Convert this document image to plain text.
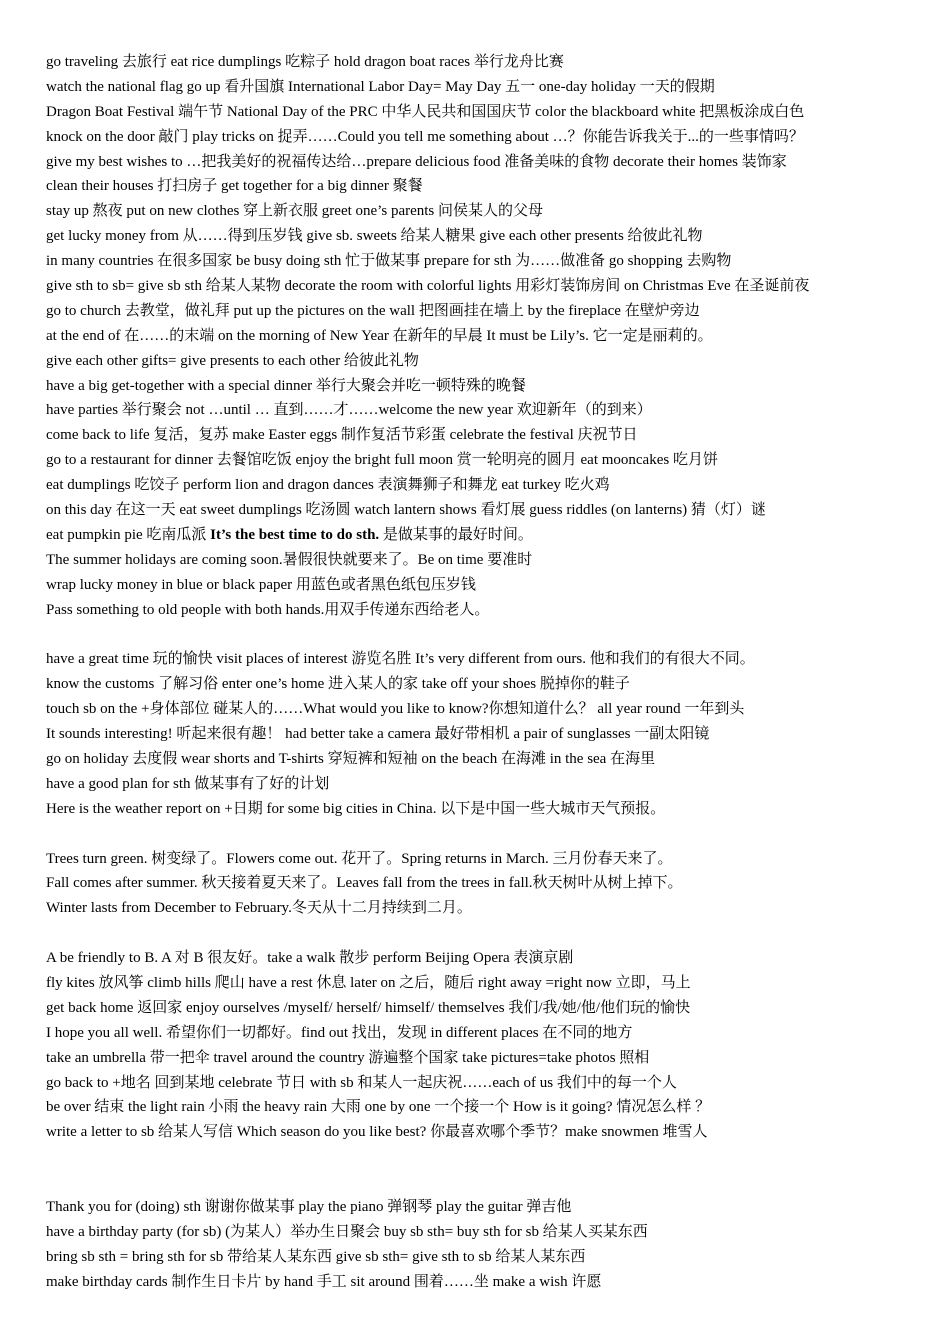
go traveling 去旅行 eat rice dumplings 吃粽子 hold dragon boat races 举行龙舟比赛
watch the national flag go up 看升国旗 International Labor Day= May Day 五一 one-day holiday 一天的假期
Dragon Boat Festival 端午节 National Day of the PRC 中华人民共和国国庆节 color the blackboard white 把黑板涂成白色
knock on the door 敲门 play tricks on 捉弄……Could you tell me something about …？你能告诉我关于...的一些事情吗？
give my best wishes to …把我美好的祝福传达给…prepare delicious food 准备美味的食物 decorate their homes 装饰家
clean their houses 打扫房子 get together for a big dinner 聚餐
stay up 熬夜 put on new clothes 穿上新衣服 greet one’s parents 问侯某人的父母
get lucky money from 从……得到压岁钱 give sb. sweets 给某人糖果 give each other presents 给彼此礼物
in many countries 在很多国家 be busy doing sth 忙于做某事 prepare for sth 为……做准备 go shopping 去购物
give sth to sb= give sb sth 给某人某物 decorate the room with colorful lights 用彩灯装饰房间 on Christmas Eve 在圣诞前夜
go to church 去教堂，做礼拜 put up the pictures on the wall 把图画挂在墙上 by the fireplace 在壁炉旁边
at the end of 在……的末端 on the morning of New Year 在新年的早晨 It must be Lily’s. 它一定是丽莉的。
give each other gifts= give presents to each other 给彼此礼物
have a big get-together with a special dinner 举行大聚会并吃一顿特殊的晚餐
have parties 举行聚会 not …until … 直到……才……welcome the new year 欢迎新年（的到来）
come back to life 复活，复苏 make Easter eggs 制作复活节彩蛋 celebrate the festival 庆祝节日
go to a restaurant for dinner 去餐馆吃饭 enjoy the bright full moon 赏一轮明亮的圆月 eat mooncakes 吃月饼
eat dumplings 吃饺子 perform lion and dragon dances 表演舞狮子和舞龙 eat turkey 吃火鸡
on this day 在这一天 eat sweet dumplings 吃汤圆 watch lantern shows 看灯展 guess riddles (on lanterns) 猜（灯）谜
eat pumpkin pie 吃南瓜派 It’s the best time to do sth. 是做某事的最好时间。
The summer holidays are coming soon.暑假很快就要来了。Be on time 要准时
wrap lucky money in blue or black paper 用蓝色或者黑色纸包压岁钱
Pass something to old people with both hands.用双手传递东西给老人。
have a great time 玩的愉快 visit places of interest 游览名胜 It’s very different from ours. 他和我们的有很大不同。
know the customs 了解习俗 enter one’s home 进入某人的家 take off your shoes 脱掉你的鞋子
touch sb on the +身体部位 碰某人的……What would you like to know?你想知道什么？ all year round 一年到头
It sounds interesting! 听起来很有趣！ had better take a camera 最好带相机 a pair of sunglasses 一副太阳镜
go on holiday 去度假 wear shorts and T-shirts 穿短裤和短袖 on the beach 在海滩 in the sea 在海里
have a good plan for sth 做某事有了好的计划
Here is the weather report on +日期 for some big cities in China. 以下是中国一些大城市天气预报。
Trees turn green. 树变绿了。Flowers come out. 花开了。Spring returns in March. 三月份春天来了。
Fall comes after summer. 秋天接着夏天来了。Leaves fall from the trees in fall.秋天树叶从树上掉下。
Winter lasts from December to February.冬天从十二月持续到二月。
A be friendly to B. A 对 B 很友好。take a walk 散步 perform Beijing Opera 表演京剧
fly kites 放风筝 climb hills 爬山 have a rest 休息 later on 之后，随后 right away =right now 立即，马上
get back home 返回家 enjoy ourselves /myself/ herself/ himself/ themselves 我们/我/她/他/他们玩的愉快
I hope you all well. 希望你们一切都好。find out 找出，发现 in different places 在不同的地方
take an umbrella 带一把伞 travel around the country 游遍整个国家 take pictures=take photos 照相
go back to +地名 回到某地 celebrate 节日 with sb 和某人一起庆祝……each of us 我们中的每一个人
be over 结束 the light rain 小雨 the heavy rain 大雨 one by one 一个接一个 How is it going? 情况怎么样 ？
write a letter to sb 给某人写信 Which season do you like best? 你最喜欢哪个季节？make snowmen 堆雪人
Thank you for (doing) sth 谢谢你做某事 play the piano 弹钢琴 play the guitar 弹吉他
have a birthday party (for sb) (为某人）举办生日聚会 buy sb sth= buy sth for sb 给某人买某东西
bring sb sth = bring sth for sb 带给某人某东西 give sb sth= give sth to sb 给某人某东西
make birthday cards 制作生日卡片 by hand 手工 sit around 围着……坐 make a wish 许愿
